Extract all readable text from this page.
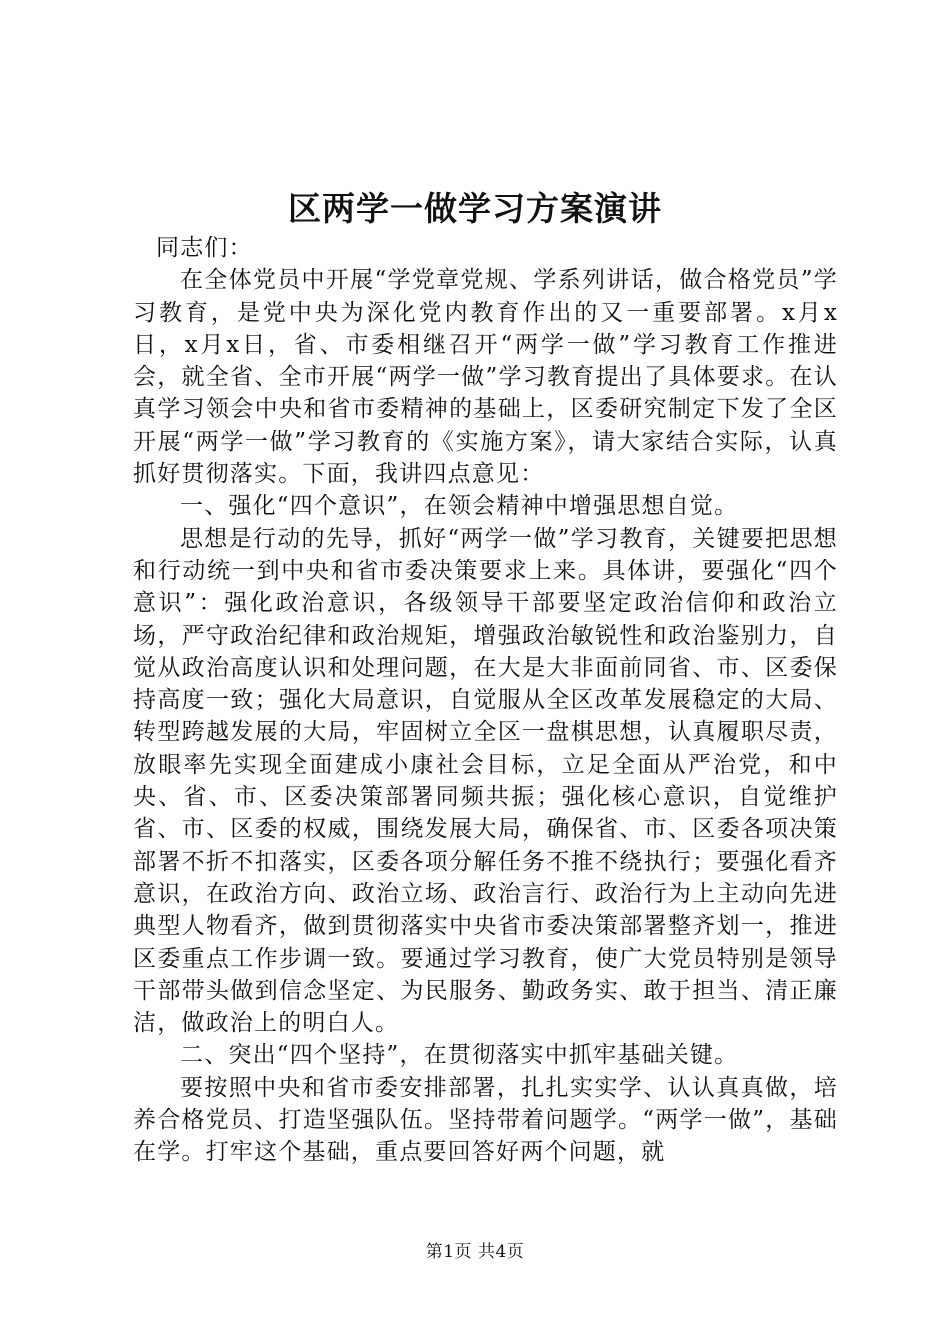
区两学一做学习方案演讲

同志们：

在全体党员中开展“学党章党规、学系列讲话，做合格党员”学习教育，是党中央为深化党内教育作出的又一重要部署。x月x日，x月x日，省、市委相继召开“两学一做”学习教育工作推进会，就全省、全市开展“两学一做”学习教育提出了具体要求。在认真学习领会中央和省市委精神的基础上，区委研究制定下发了全区开展“两学一做”学习教育的《实施方案》，请大家结合实际，认真抓好贯彻落实。下面，我讲四点意见：

一、强化“四个意识”，在领会精神中增强思想自觉。

思想是行动的先导，抓好“两学一做”学习教育，关键要把思想和行动统一到中央和省市委决策要求上来。具体讲，要强化“四个意识”：强化政治意识，各级领导干部要坚定政治信仰和政治立场，严守政治纪律和政治规矩，增强政治敏锐性和政治鉴别力，自觉从政治高度认识和处理问题，在大是大非面前同省、市、区委保持高度一致；强化大局意识，自觉服从全区改革发展稳定的大局、转型跨越发展的大局，牢固树立全区一盘棋思想，认真履职尽责，放眼率先实现全面建成小康社会目标，立足全面从严治党，和中央、省、市、区委决策部署同频共振；强化核心意识，自觉维护省、市、区委的权威，围绕发展大局，确保省、市、区委各项决策部署不折不扣落实，区委各项分解任务不推不绕执行；要强化看齐意识，在政治方向、政治立场、政治言行、政治行为上主动向先进典型人物看齐，做到贯彻落实中央省市委决策部署整齐划一，推进区委重点工作步调一致。要通过学习教育，使广大党员特别是领导干部带头做到信念坚定、为民服务、勤政务实、敢于担当、清正廉洁，做政治上的明白人。

二、突出“四个坚持”，在贯彻落实中抓牢基础关键。

要按照中央和省市委安排部署，扎扎实实学、认认真真做，培养合格党员、打造坚强队伍。坚持带着问题学。“两学一做”，基础在学。打牢这个基础，重点要回答好两个问题，就

第1页 共4页
